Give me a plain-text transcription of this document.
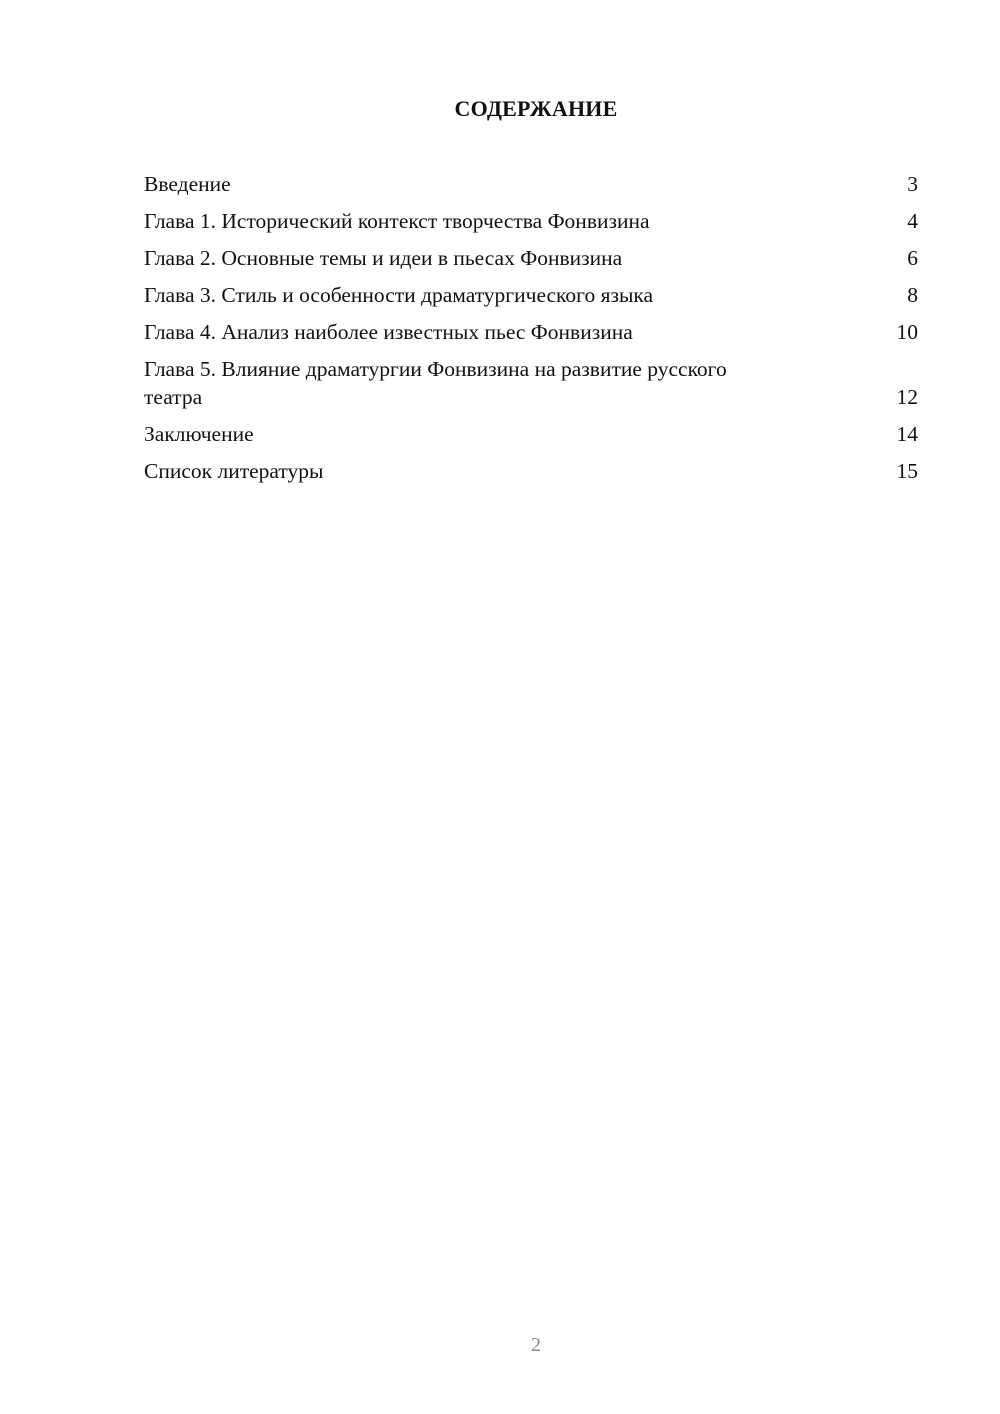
СОДЕРЖАНИЕ
Введение	3
Глава 1. Исторический контекст творчества Фонвизина	4
Глава 2. Основные темы и идеи в пьесах Фонвизина	6
Глава 3. Стиль и особенности драматургического языка	8
Глава 4. Анализ наиболее известных пьес Фонвизина	10
Глава 5. Влияние драматургии Фонвизина на развитие русского театра	12
Заключение	14
Список литературы	15
2
